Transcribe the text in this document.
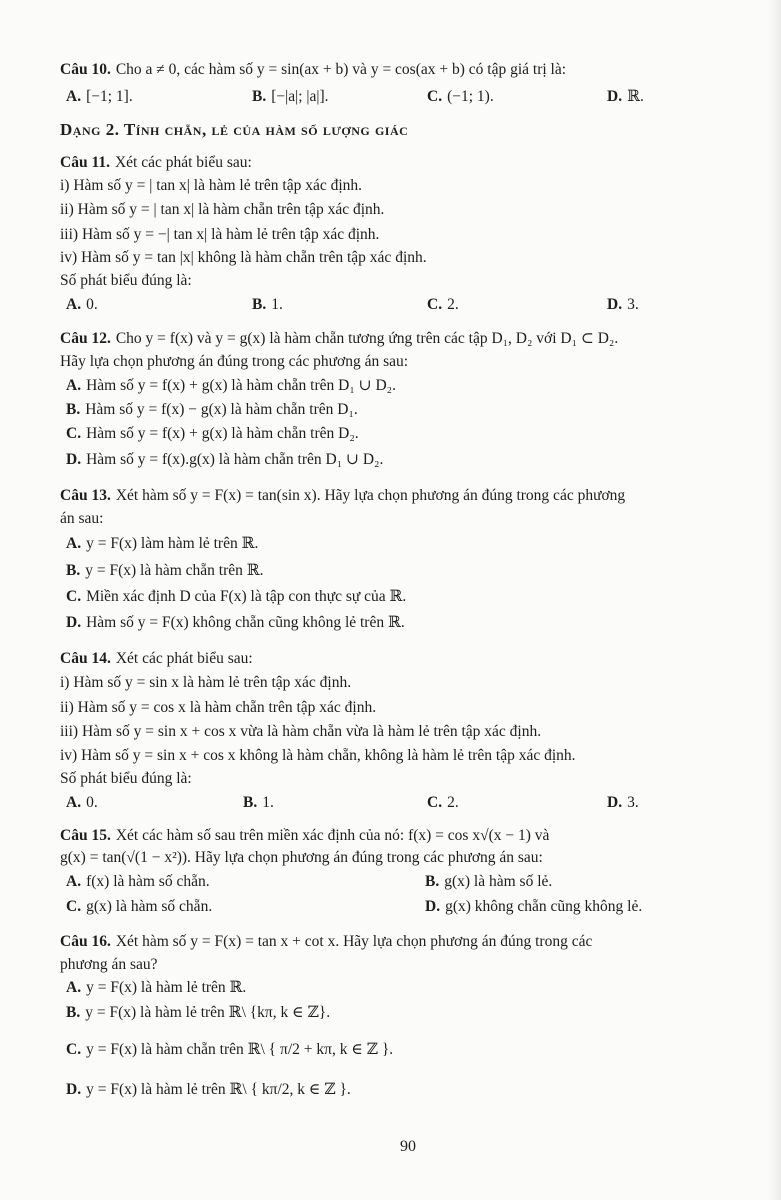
Dạng 2. Tính chẵn, lẻ của hàm số lượng giác
Câu 10. Cho a ≠ 0, các hàm số y = sin(ax + b) và y = cos(ax + b) có tập giá trị là:
A. [−1; 1].	B. [−|a|; |a|].	C. (−1; 1).	D. ℝ.
Câu 11. Xét các phát biểu sau:
i) Hàm số y = | tan x| là hàm lẻ trên tập xác định.
ii) Hàm số y = | tan x| là hàm chẵn trên tập xác định.
iii) Hàm số y = −| tan x| là hàm lẻ trên tập xác định.
iv) Hàm số y = tan |x| không là hàm chẵn trên tập xác định.
Số phát biểu đúng là:
A. 0.	B. 1.	C. 2.	D. 3.
Câu 12. Cho y = f(x) và y = g(x) là hàm chẵn tương ứng trên các tập D₁, D₂ với D₁ ⊂ D₂.
Hãy lựa chọn phương án đúng trong các phương án sau:
A. Hàm số y = f(x) + g(x) là hàm chẵn trên D₁ ∪ D₂.
B. Hàm số y = f(x) − g(x) là hàm chẵn trên D₁.
C. Hàm số y = f(x) + g(x) là hàm chẵn trên D₂.
D. Hàm số y = f(x).g(x) là hàm chẵn trên D₁ ∪ D₂.
Câu 13. Xét hàm số y = F(x) = tan(sin x). Hãy lựa chọn phương án đúng trong các phương
án sau:
A. y = F(x) làm hàm lẻ trên ℝ.
B. y = F(x) là hàm chẵn trên ℝ.
C. Miền xác định D của F(x) là tập con thực sự của ℝ.
D. Hàm số y = F(x) không chẵn cũng không lẻ trên ℝ.
Câu 14. Xét các phát biểu sau:
i) Hàm số y = sin x là hàm lẻ trên tập xác định.
ii) Hàm số y = cos x là hàm chẵn trên tập xác định.
iii) Hàm số y = sin x + cos x vừa là hàm chẵn vừa là hàm lẻ trên tập xác định.
iv) Hàm số y = sin x + cos x không là hàm chẵn, không là hàm lẻ trên tập xác định.
Số phát biểu đúng là:
A. 0.	B. 1.	C. 2.	D. 3.
Câu 15. Xét các hàm số sau trên miền xác định của nó: f(x) = cos x√(x − 1) và
g(x) = tan(√(1 − x²)). Hãy lựa chọn phương án đúng trong các phương án sau:
A. f(x) là hàm số chẵn.	B. g(x) là hàm số lẻ.
C. g(x) là hàm số chẵn.	D. g(x) không chẵn cũng không lẻ.
Câu 16. Xét hàm số y = F(x) = tan x + cot x. Hãy lựa chọn phương án đúng trong các
phương án sau?
A. y = F(x) là hàm lẻ trên ℝ.
B. y = F(x) là hàm lẻ trên ℝ\ {kπ, k ∈ ℤ}.
C. y = F(x) là hàm chẵn trên ℝ\ { π/2 + kπ, k ∈ ℤ }.
D. y = F(x) là hàm lẻ trên ℝ\ { kπ/2, k ∈ ℤ }.
90
